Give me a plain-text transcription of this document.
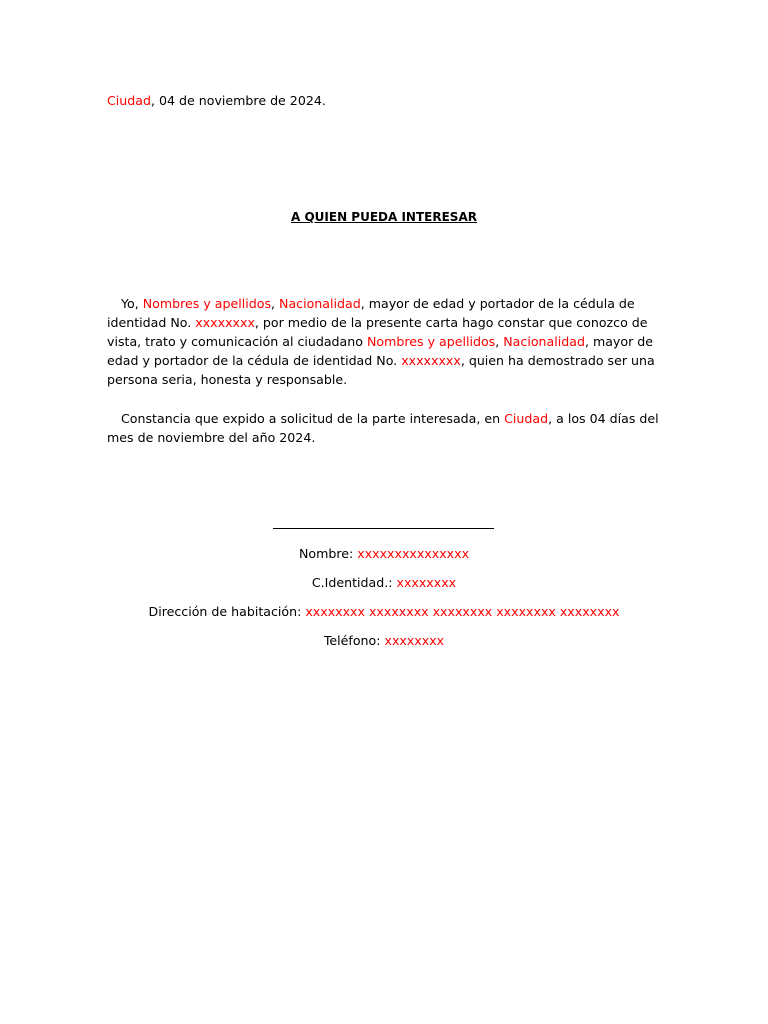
Ciudad, 04 de noviembre de 2024.
A QUIEN PUEDA INTERESAR
Yo, Nombres y apellidos, Nacionalidad, mayor de edad y portador de la cédula de identidad No. xxxxxxxx, por medio de la presente carta hago constar que conozco de vista, trato y comunicación al ciudadano Nombres y apellidos, Nacionalidad, mayor de edad y portador de la cédula de identidad No. xxxxxxxx, quien ha demostrado ser una persona seria, honesta y responsable.
Constancia que expido a solicitud de la parte interesada, en Ciudad, a los 04 días del mes de noviembre del año 2024.
Nombre: xxxxxxxxxxxxxxx
C.Identidad.: xxxxxxxx
Dirección de habitación: xxxxxxxx xxxxxxxx xxxxxxxx xxxxxxxx xxxxxxxx
Teléfono: xxxxxxxx
